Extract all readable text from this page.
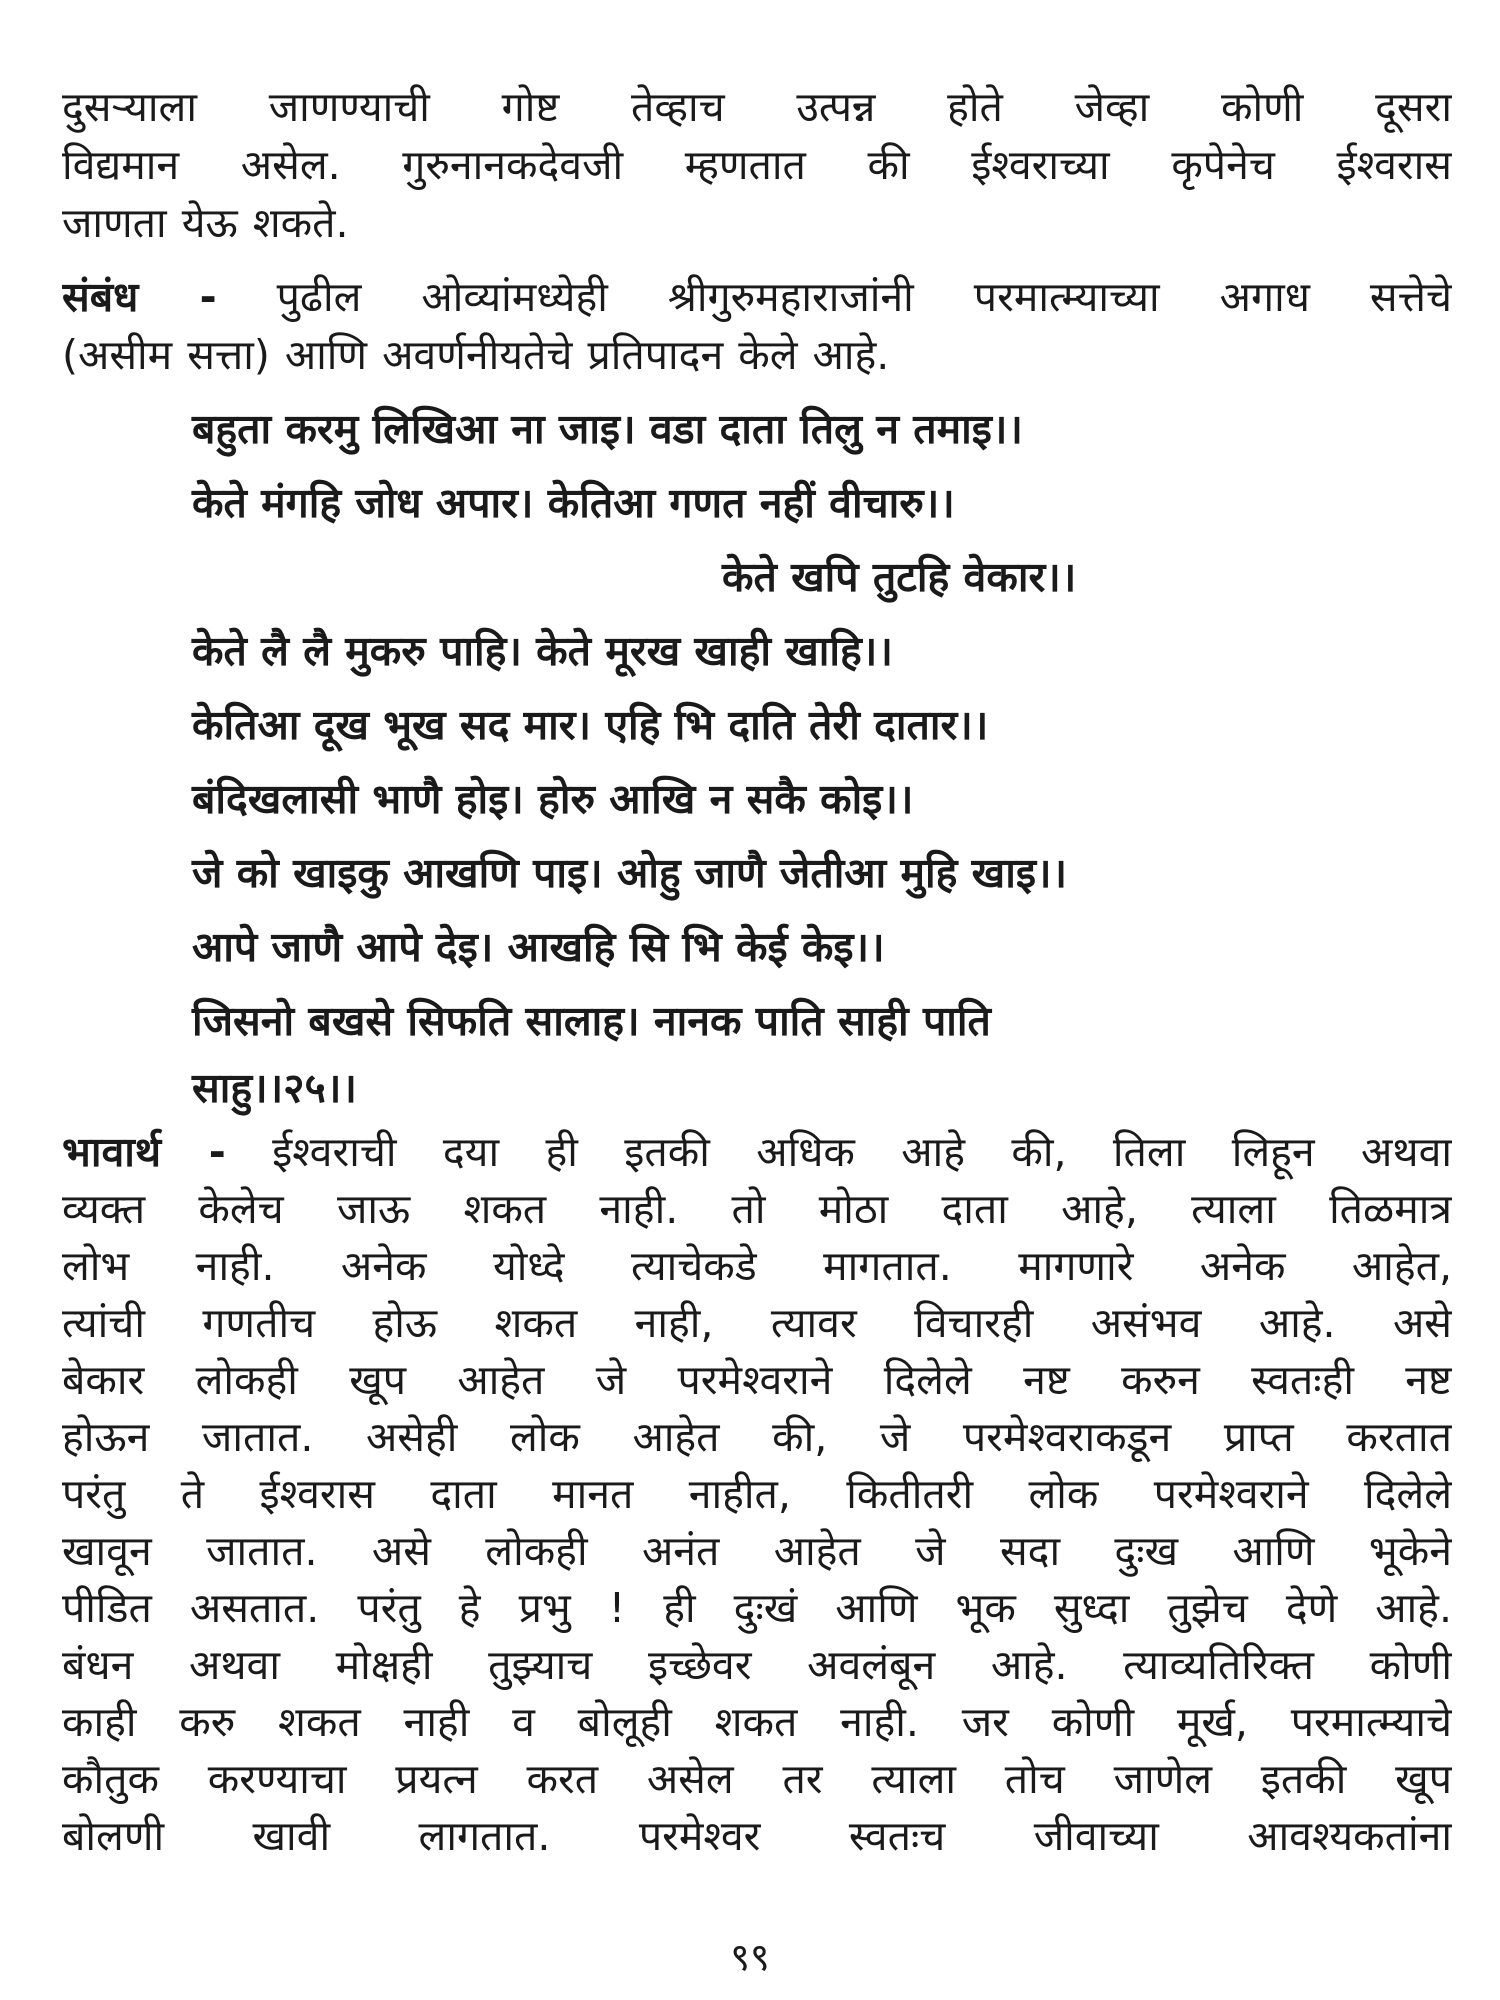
दुसऱ्याला जाणण्याची गोष्ट तेव्हाच उत्पन्न होते जेव्हा कोणी दूसरा
विद्यमान असेल. गुरुनानकदेवजी म्हणतात की ईश्वराच्या कृपेनेच ईश्वरास
जाणता येऊ शकते.
संबंध - पुढील ओव्यांमध्येही श्रीगुरुमहाराजांनी परमात्म्याच्या अगाध सत्तेचे
(असीम सत्ता) आणि अवर्णनीयतेचे प्रतिपादन केले आहे.
बहुता करमु लिखिआ ना जाइ। वडा दाता तिलु न तमाइ।।
केते मंगहि जोध अपार। केतिआ गणत नहीं वीचारु।।
केते खपि तुटहि वेकार।।
केते लै लै मुकरु पाहि। केते मूरख खाही खाहि।।
केतिआ दूख भूख सद मार। एहि भि दाति तेरी दातार।।
बंदिखलासी भाणै होइ। होरु आखि न सकै कोइ।।
जे को खाइकु आखणि पाइ। ओहु जाणै जेतीआ मुहि खाइ।।
आपे जाणै आपे देइ। आखहि सि भि केई केइ।।
जिसनो बखसे सिफति सालाह। नानक पाति साही पाति
साहु।।२५।।
भावार्थ - ईश्वराची दया ही इतकी अधिक आहे की, तिला लिहून अथवा
व्यक्त केलेच जाऊ शकत नाही. तो मोठा दाता आहे, त्याला तिळमात्र
लोभ नाही. अनेक योध्दे त्याचेकडे मागतात. मागणारे अनेक आहेत,
त्यांची गणतीच होऊ शकत नाही, त्यावर विचारही असंभव आहे. असे
बेकार लोकही खूप आहेत जे परमेश्वराने दिलेले नष्ट करुन स्वतःही नष्ट
होऊन जातात. असेही लोक आहेत की, जे परमेश्वराकडून प्राप्त करतात
परंतु ते ईश्वरास दाता मानत नाहीत, कितीतरी लोक परमेश्वराने दिलेले
खावून जातात. असे लोकही अनंत आहेत जे सदा दुःख आणि भूकेने
पीडित असतात. परंतु हे प्रभु ! ही दुःखं आणि भूक सुध्दा तुझेच देणे आहे.
बंधन अथवा मोक्षही तुझ्याच इच्छेवर अवलंबून आहे. त्याव्यतिरिक्त कोणी
काही करु शकत नाही व बोलूही शकत नाही. जर कोणी मूर्ख, परमात्म्याचे
कौतुक करण्याचा प्रयत्न करत असेल तर त्याला तोच जाणेल इतकी खूप
बोलणी खावी लागतात. परमेश्वर स्वतःच जीवाच्या आवश्यकतांना
९९
